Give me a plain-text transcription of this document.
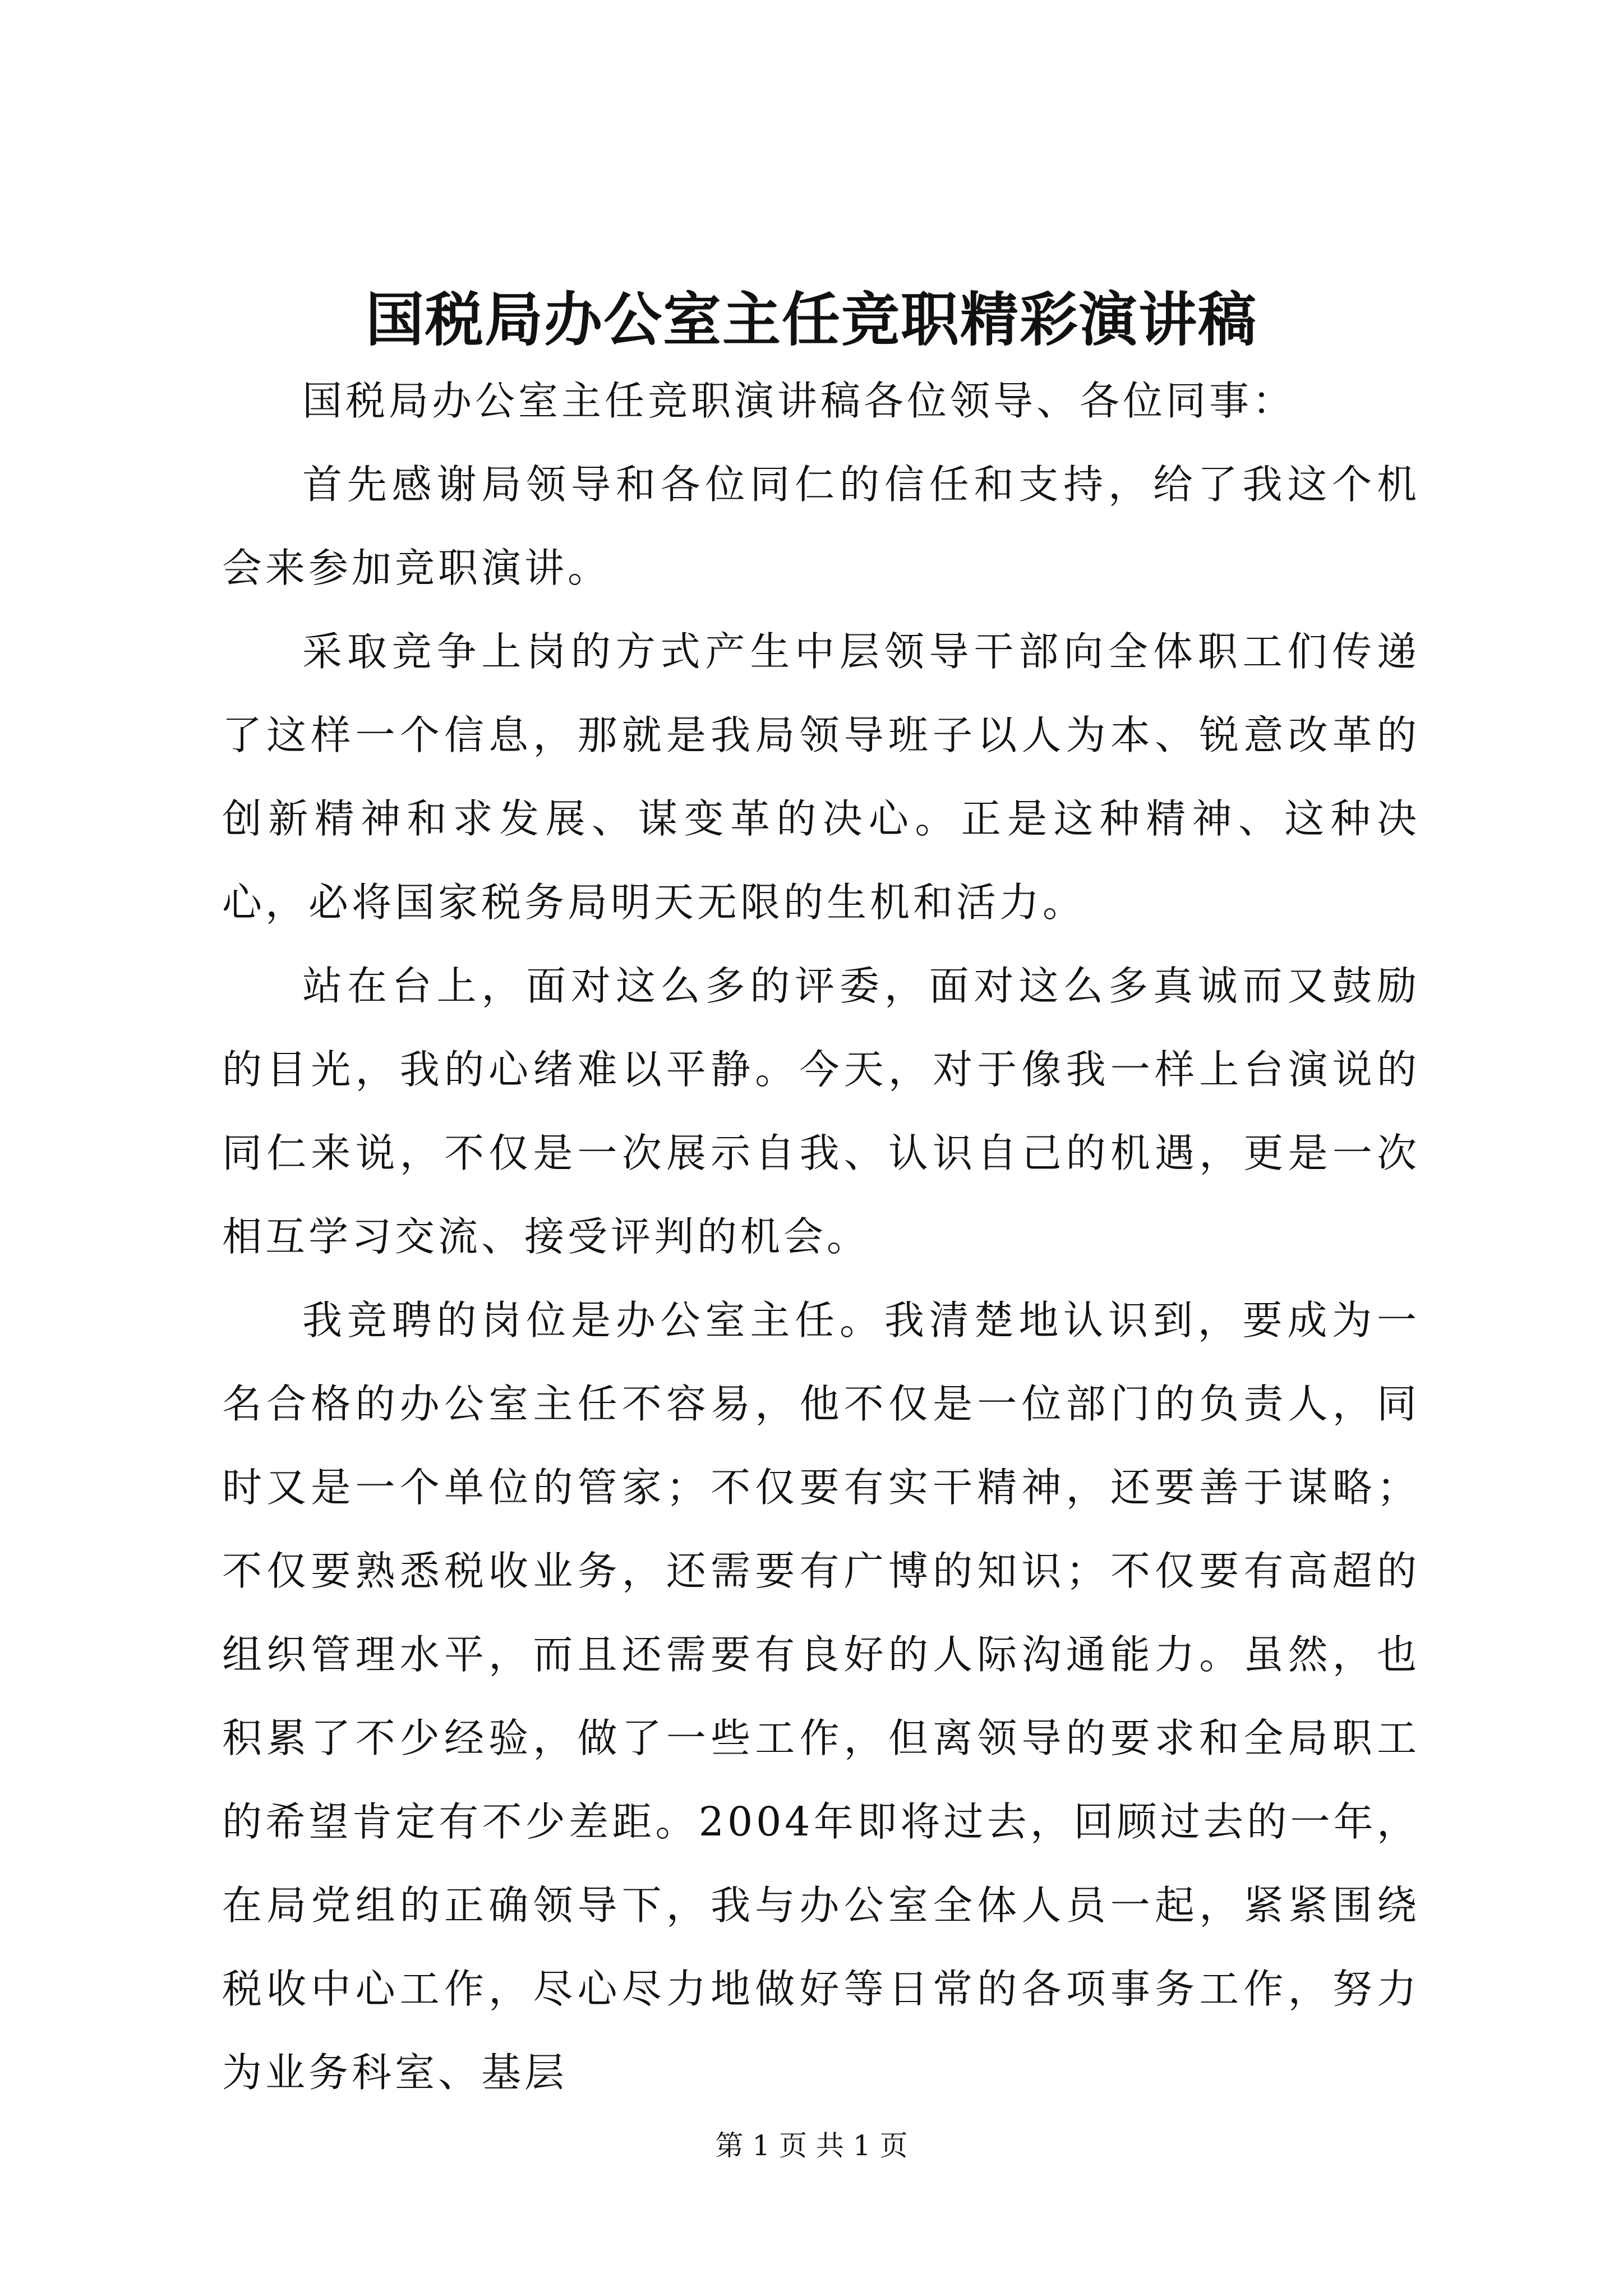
国税局办公室主任竞职精彩演讲稿

国税局办公室主任竞职演讲稿各位领导、各位同事：

首先感谢局领导和各位同仁的信任和支持，给了我这个机会来参加竞职演讲。

采取竞争上岗的方式产生中层领导干部向全体职工们传递了这样一个信息，那就是我局领导班子以人为本、锐意改革的创新精神和求发展、谋变革的决心。正是这种精神、这种决心，必将国家税务局明天无限的生机和活力。

站在台上，面对这么多的评委，面对这么多真诚而又鼓励的目光，我的心绪难以平静。今天，对于像我一样上台演说的同仁来说，不仅是一次展示自我、认识自己的机遇，更是一次相互学习交流、接受评判的机会。

我竞聘的岗位是办公室主任。我清楚地认识到，要成为一名合格的办公室主任不容易，他不仅是一位部门的负责人，同时又是一个单位的管家；不仅要有实干精神，还要善于谋略；不仅要熟悉税收业务，还需要有广博的知识；不仅要有高超的组织管理水平，而且还需要有良好的人际沟通能力。虽然，也积累了不少经验，做了一些工作，但离领导的要求和全局职工的希望肯定有不少差距。2004年即将过去，回顾过去的一年，在局党组的正确领导下，我与办公室全体人员一起，紧紧围绕税收中心工作，尽心尽力地做好等日常的各项事务工作，努力为业务科室、基层

第 1 页 共 1 页
